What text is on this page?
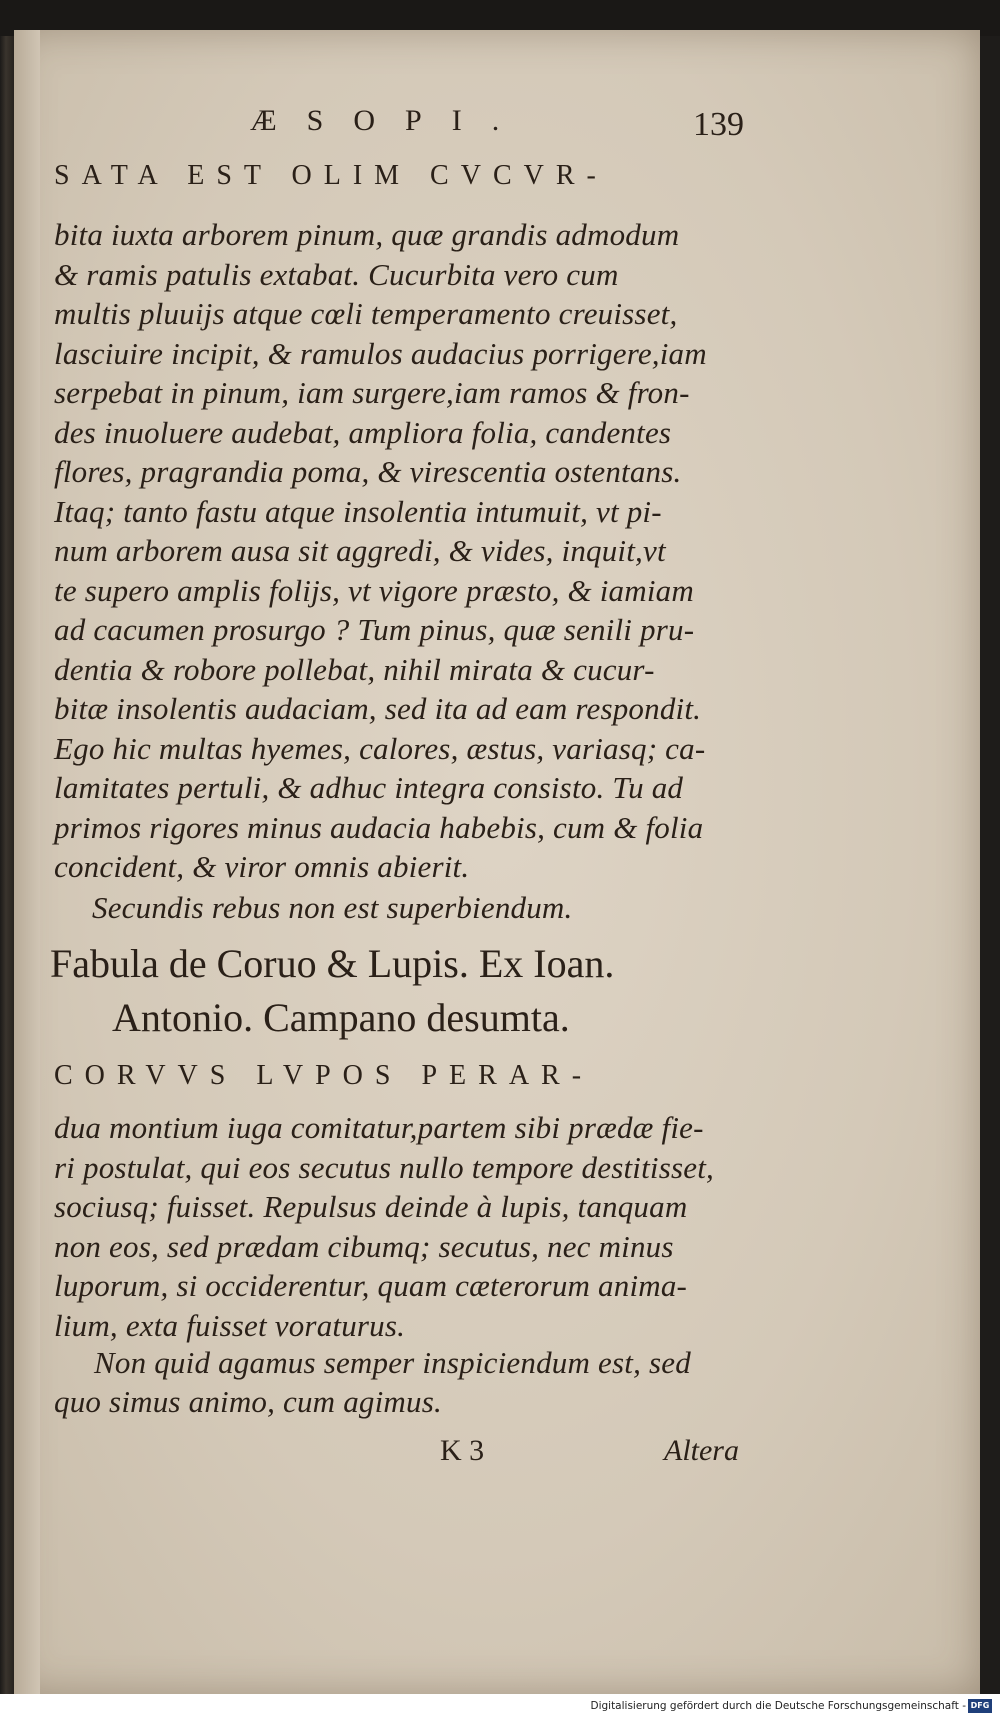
ÆSOPI.	139
SATA EST OLIM CVCVR-
bita iuxta arborem pinum, quæ grandis admodum
& ramis patulis extabat. Cucurbita vero cum
multis pluuijs atque cœli temperamento creuisset,
lasciuire incipit, & ramulos audacius porrigere,iam
serpebat in pinum, iam surgere,iam ramos & fron-
des inuoluere audebat, ampliora folia, candentes
flores, pragrandia poma, & virescentia ostentans.
Itaq; tanto fastu atque insolentia intumuit, vt pi-
num arborem ausa sit aggredi, & vides, inquit,vt
te supero amplis folijs, vt vigore præsto, & iamiam
ad cacumen prosurgo ? Tum pinus, quæ senili pru-
dentia & robore pollebat, nihil mirata & cucur-
bitæ insolentis audaciam, sed ita ad eam respondit.
Ego hic multas hyemes, calores, æstus, variasq; ca-
lamitates pertuli, & adhuc integra consisto. Tu ad
primos rigores minus audacia habebis, cum & folia
concident, & viror omnis abierit.
Secundis rebus non est superbiendum.
Fabula de Coruo & Lupis. Ex Ioan.
Antonio. Campano desumta.
CORVVS LVPOS PERAR-
dua montium iuga comitatur,partem sibi prædæ fie-
ri postulat, qui eos secutus nullo tempore destitisset,
sociusq; fuisset. Repulsus deinde à lupis, tanquam
non eos, sed prædam cibumq; secutus, nec minus
luporum, si occiderentur, quam cæterorum anima-
lium, exta fuisset voraturus.
Non quid agamus semper inspiciendum est, sed
quo simus animo, cum agimus.
K 3	Altera
Digitalisierung gefördert durch die Deutsche Forschungsgemeinschaft - DFG
